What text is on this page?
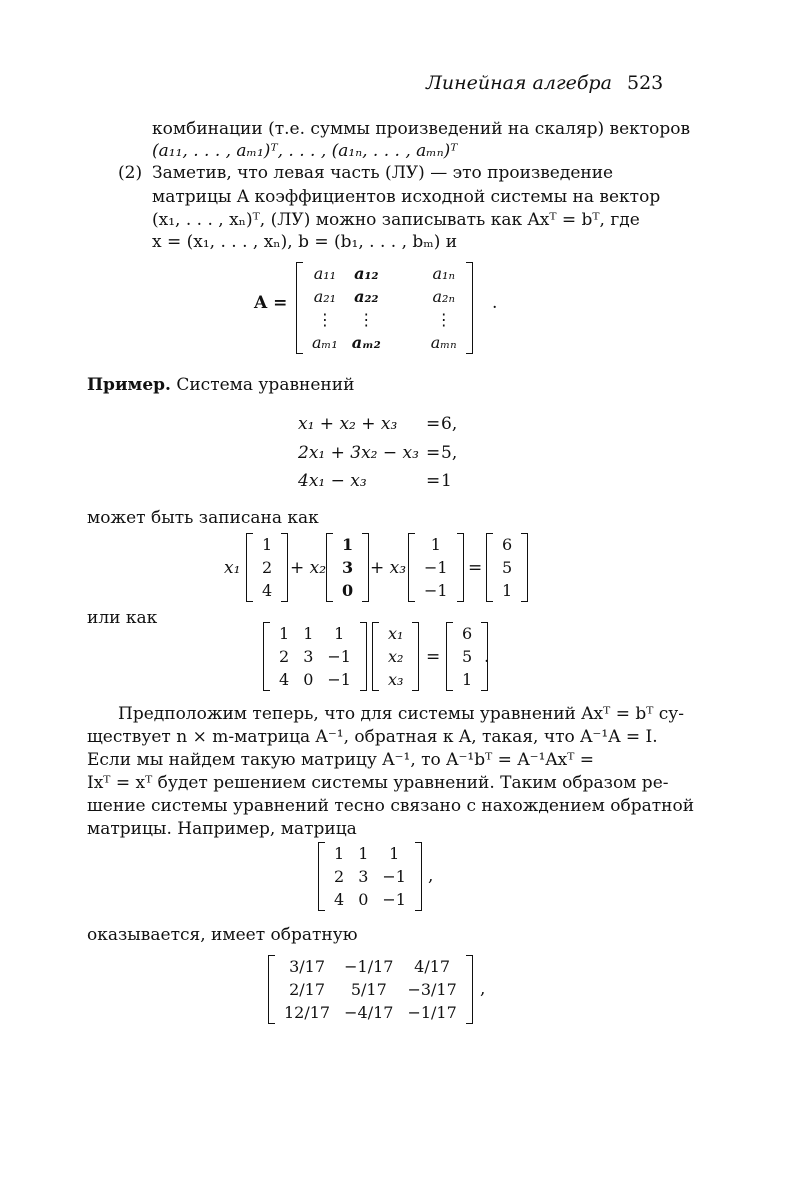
Линейная алгебра 523
комбинации (т.е. суммы произведений на скаляр) векторов
(a₁₁, . . . , aₘ₁)ᵀ, . . . , (a₁ₙ, . . . , aₘₙ)ᵀ
(2) Заметив, что левая часть (ЛУ) — это произведение
матрицы A коэффициентов исходной системы на вектор
(x₁, . . . , xₙ)ᵀ, (ЛУ) можно записывать как Axᵀ = bᵀ, где
x = (x₁, . . . , xₙ), b = (b₁, . . . , bₘ) и
A =
a₁₁	a₁₂		a₁ₙ
a₂₁	a₂₂		a₂ₙ
⋮	⋮		⋮
aₘ₁	aₘ₂		aₘₙ
.
Пример. Система уравнений
x₁ + x₂ + x₃ = 6,
2x₁ + 3x₂ − x₃ = 5,
4x₁ − x₃	= 1
может быть записана как
x₁
1
2
4
+ x₂
1
3
0
+ x₃
1
−1
−1
=
6
5
1
или как
1	1	1
2	3	−1
4	0	−1
x₁
x₂
x₃
=
6
5
1
.
Предположим теперь, что для системы уравнений Axᵀ = bᵀ су-
ществует n × m-матрица A⁻¹, обратная к A, такая, что A⁻¹A = I.
Если мы найдем такую матрицу A⁻¹, то A⁻¹bᵀ = A⁻¹Axᵀ =
Ixᵀ = xᵀ будет решением системы уравнений. Таким образом ре-
шение системы уравнений тесно связано с нахождением обратной
матрицы. Например, матрица
1	1	1
2	3	−1
4	0	−1
,
оказывается, имеет обратную
3/17	−1/17	4/17
2/17	5/17	−3/17
12/17	−4/17	−1/17
,
